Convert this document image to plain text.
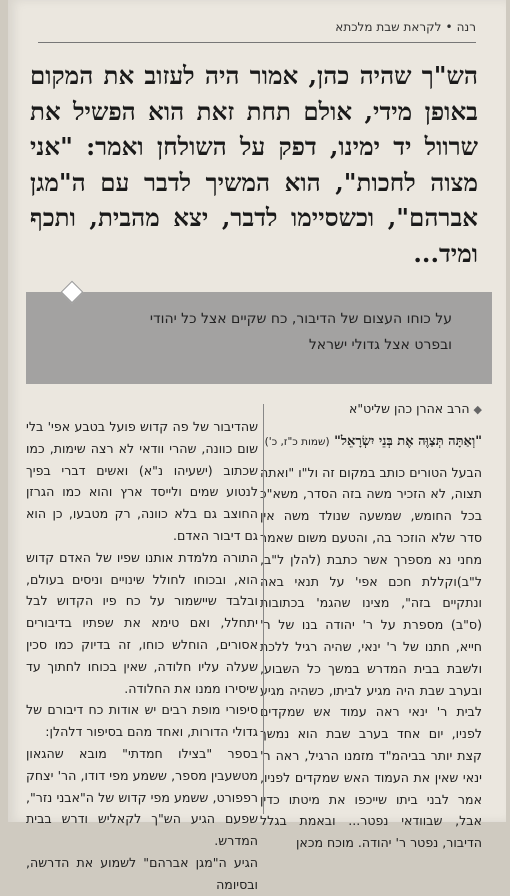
רנה•לקראת שבת מלכתא
הש"ך שהיה כהן, אמור היה לעזוב את המקום באופן מידי, אולם תחת זאת הוא הפשיל את שרוול יד ימינו, דפק על השולחן ואמר: "אני מצוה לחכות", הוא המשיך לדבר עם ה"מגן אברהם", וכשסיימו לדבר, יצא מהבית, ותכף ומיד...
על כוחו העצום של הדיבור, כח שקיים אצל כל יהודי
ובפרט אצל גדולי ישראל
◆הרב אהרן כהן שליט"א
"וְאַתָּה תְּצַוֶּה אֶת בְּנֵי יִשְׂרָאֵל" (שמות כ"ז, כ')

הבעל הטורים כותב במקום זה ול"ו "ואתה תצוה, לא הזכיר משה בזה הסדר, משא"כ בכל החומש, שמשעה שנולד משה אין סדר שלא הוזכר בה, והטעם משום שאמר מחני נא מספרך אשר כתבת (להלן ל"ב, ל"ב)וקללת חכם אפי' על תנאי באה ונתקיים בזה", מצינו שהגמ' בכתובות (ס"ב) מספרת על ר' יהודה בנו של ר' חייא, חתנו של ר' ינאי, שהיה רגיל ללכת ולשבת בבית המדרש במשך כל השבוע, ובערב שבת היה מגיע לביתו, כשהיה מגיע לבית ר' ינאי ראה עמוד אש שמקדים לפניו, יום אחד בערב שבת הוא נמשך קצת יותר בביהמ"ד מזמנו הרגיל, ראה ר' ינאי שאין את העמוד האש שמקדים לפניו, אמר לבני ביתו שייכפו את מיטתו כדין אבל, שבוודאי נפטר... ובאמת בגלל הדיבור, נפטר ר' יהודה. מוכח מכאן

שהדיבור של פה קדוש פועל בטבע אפי' בלי שום כוונה, שהרי וודאי לא רצה שימות, כמו שכתוב (ישעיהו נ"א) ואשים דברי בפיך לנטוע שמים ולייסד ארץ והוא כמו הגרזן החוצב גם בלא כוונה, רק מטבעו, כן הוא גם דיבור האדם.

התורה מלמדת אותנו שפיו של האדם קדוש הוא, ובכוחו לחולל שינויים וניסים בעולם, ובלבד שיישמור על כח פיו הקדוש לבל יתחלל, ואם טימא את שפתיו בדיבורים אסורים, הוחלש כוחו, זה בדיוק כמו סכין שעלה עליו חלודה, שאין בכוחו לחתוך עד שיסירו ממנו את החלודה.

סיפורי מופת רבים יש אודות כח דיבורם של גדולי הדורות, ואחד מהם בסיפור דלהלן:

בספר "בצילו חמדתי" מובא שהגאון מטשעבין מספר, ששמע מפי דודו, הר' יצחק רפפורט, ששמע מפי קדוש של ה"אבני נזר", שפעם הגיע הש"ך לקאליש ודרש בבית המדרש.

הגיע ה"מגן אברהם" לשמוע את הדרשה, ובסיומה
